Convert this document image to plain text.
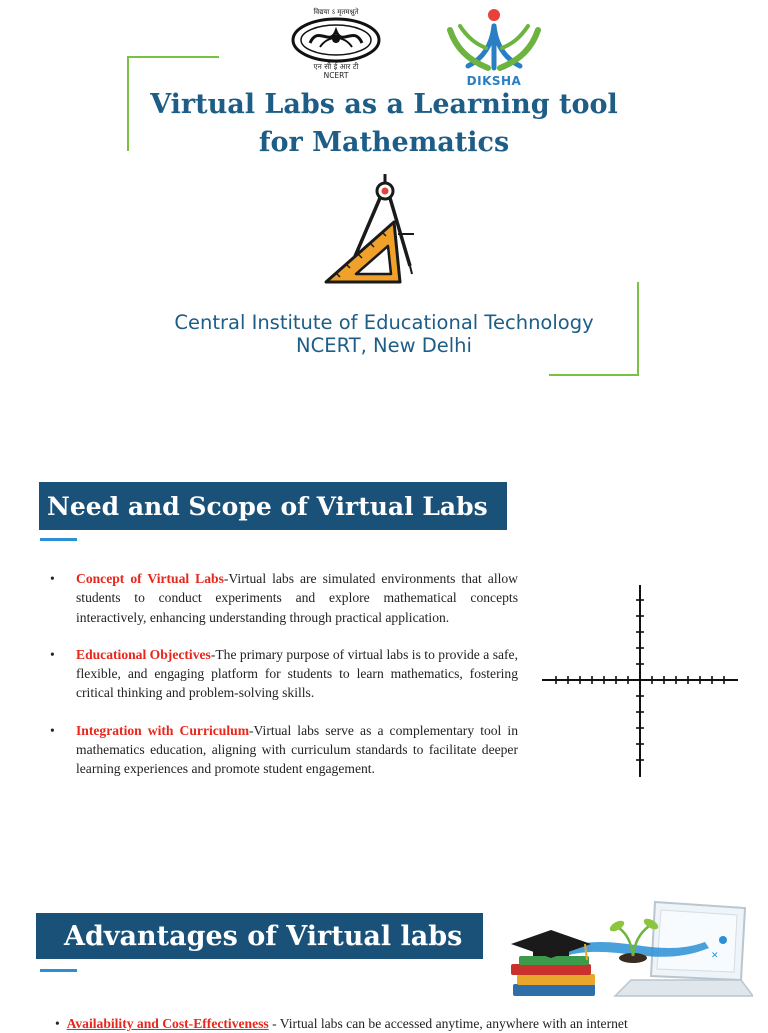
विद्यया ऽ मृतमश्नुते
एन सी ई आर टी
NCERT	DIKSHA
Virtual Labs as a Learning tool
for Mathematics
Central Institute of Educational Technology
NCERT, New Delhi
Need and Scope of Virtual Labs
• Concept of Virtual Labs-Virtual labs are simulated environments that allow students to conduct experiments and explore mathematical concepts interactively, enhancing understanding through practical application.
• Educational Objectives-The primary purpose of virtual labs is to provide a safe, flexible, and engaging platform for students to learn mathematics, fostering critical thinking and problem-solving skills.
• Integration with Curriculum-Virtual labs serve as a complementary tool in mathematics education, aligning with curriculum standards to facilitate deeper learning experiences and promote student engagement.
Advantages of Virtual labs
✕
•  Availability and Cost-Effectiveness - Virtual labs can be accessed anytime, anywhere with an internet
